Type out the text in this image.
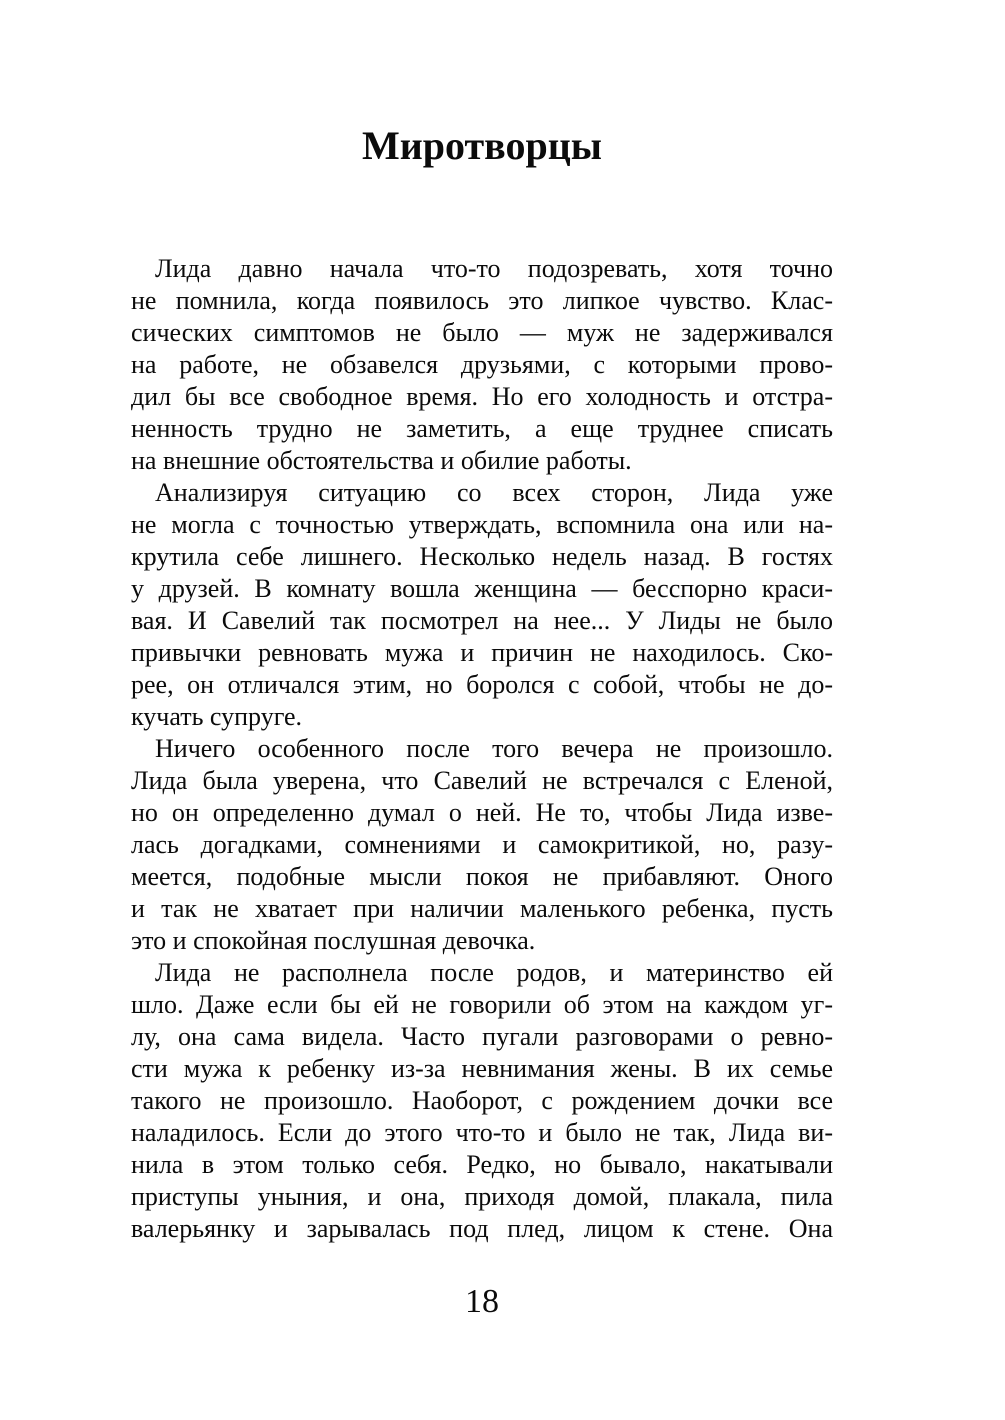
Миротворцы
Лида давно начала что-то подозревать, хотя точно
не помнила, когда появилось это липкое чувство. Клас-
сических симптомов не было — муж не задерживался
на работе, не обзавелся друзьями, с которыми прово-
дил бы все свободное время. Но его холодность и отстра-
ненность трудно не заметить, а еще труднее списать
на внешние обстоятельства и обилие работы.
Анализируя ситуацию со всех сторон, Лида уже
не могла с точностью утверждать, вспомнила она или на-
крутила себе лишнего. Несколько недель назад. В гостях
у друзей. В комнату вошла женщина — бесспорно краси-
вая. И Савелий так посмотрел на нее... У Лиды не было
привычки ревновать мужа и причин не находилось. Ско-
рее, он отличался этим, но боролся с собой, чтобы не до-
кучать супруге.
Ничего особенного после того вечера не произошло.
Лида была уверена, что Савелий не встречался с Еленой,
но он определенно думал о ней. Не то, чтобы Лида изве-
лась догадками, сомнениями и самокритикой, но, разу-
меется, подобные мысли покоя не прибавляют. Оного
и так не хватает при наличии маленького ребенка, пусть
это и спокойная послушная девочка.
Лида не располнела после родов, и материнство ей
шло. Даже если бы ей не говорили об этом на каждом уг-
лу, она сама видела. Часто пугали разговорами о ревно-
сти мужа к ребенку из-за невнимания жены. В их семье
такого не произошло. Наоборот, с рождением дочки все
наладилось. Если до этого что-то и было не так, Лида ви-
нила в этом только себя. Редко, но бывало, накатывали
приступы уныния, и она, приходя домой, плакала, пила
валерьянку и зарывалась под плед, лицом к стене. Она
18
